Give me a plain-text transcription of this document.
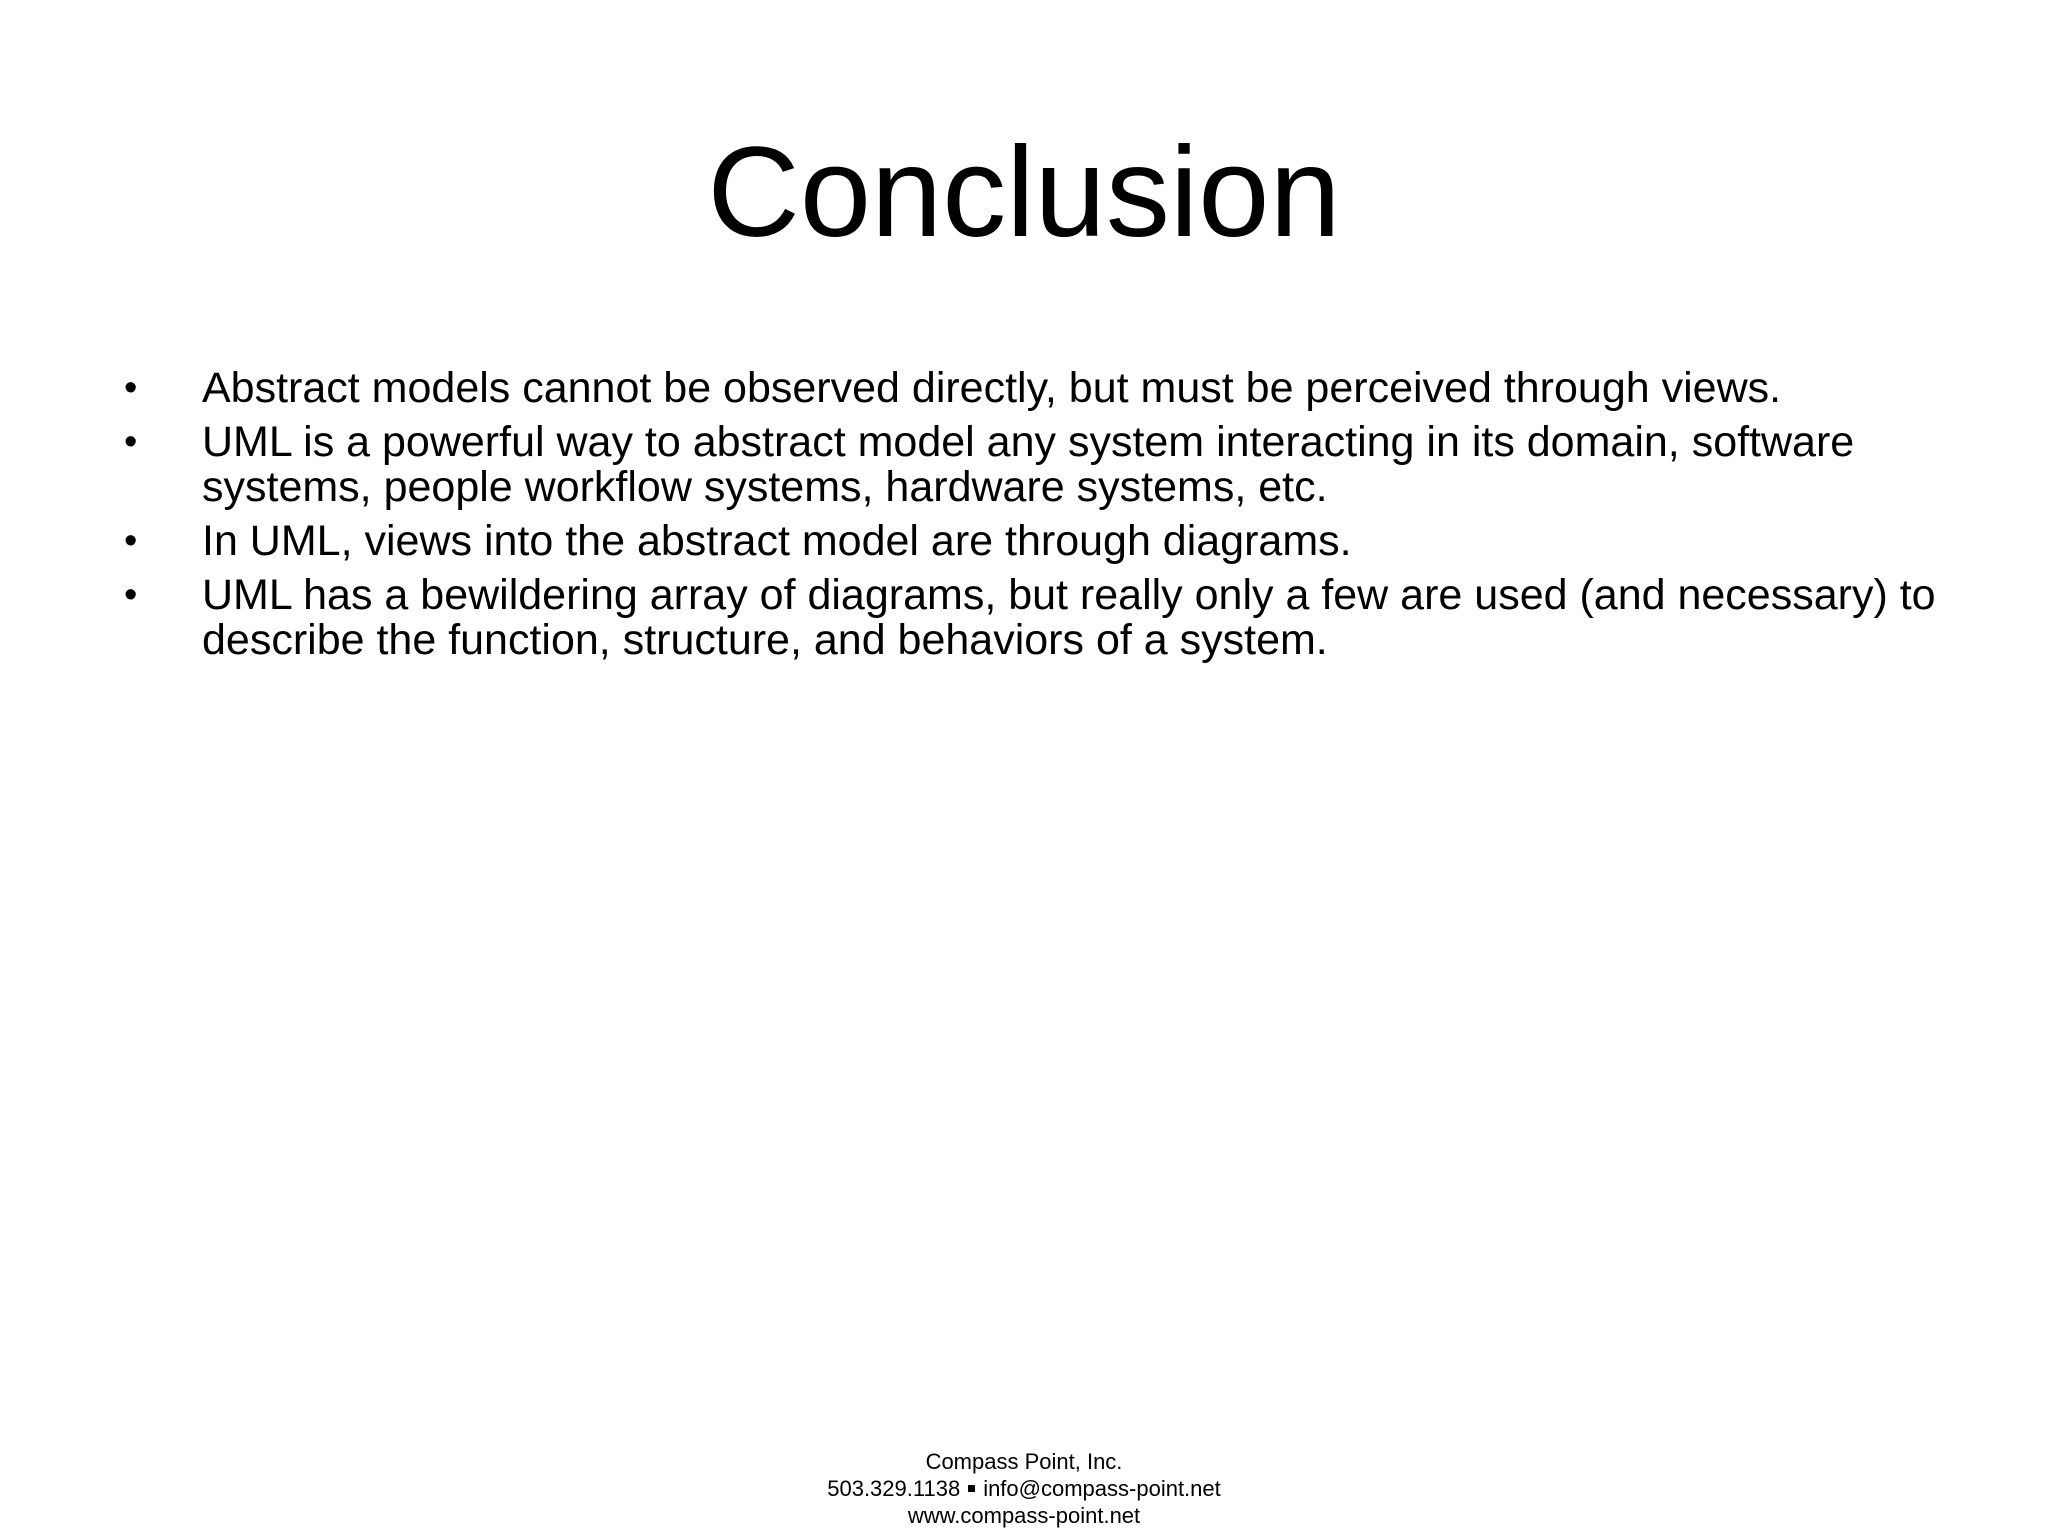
Conclusion
•	Abstract models cannot be observed directly, but must be perceived through views.
•	UML is a powerful way to abstract model any system interacting in its domain, software systems, people workflow systems, hardware systems, etc.
•	In UML, views into the abstract model are through diagrams.
•	UML has a bewildering array of diagrams, but really only a few are used (and necessary) to describe the function, structure, and behaviors of a system.
Compass Point, Inc.
503.329.1138 info@compass-point.net
www.compass-point.net
